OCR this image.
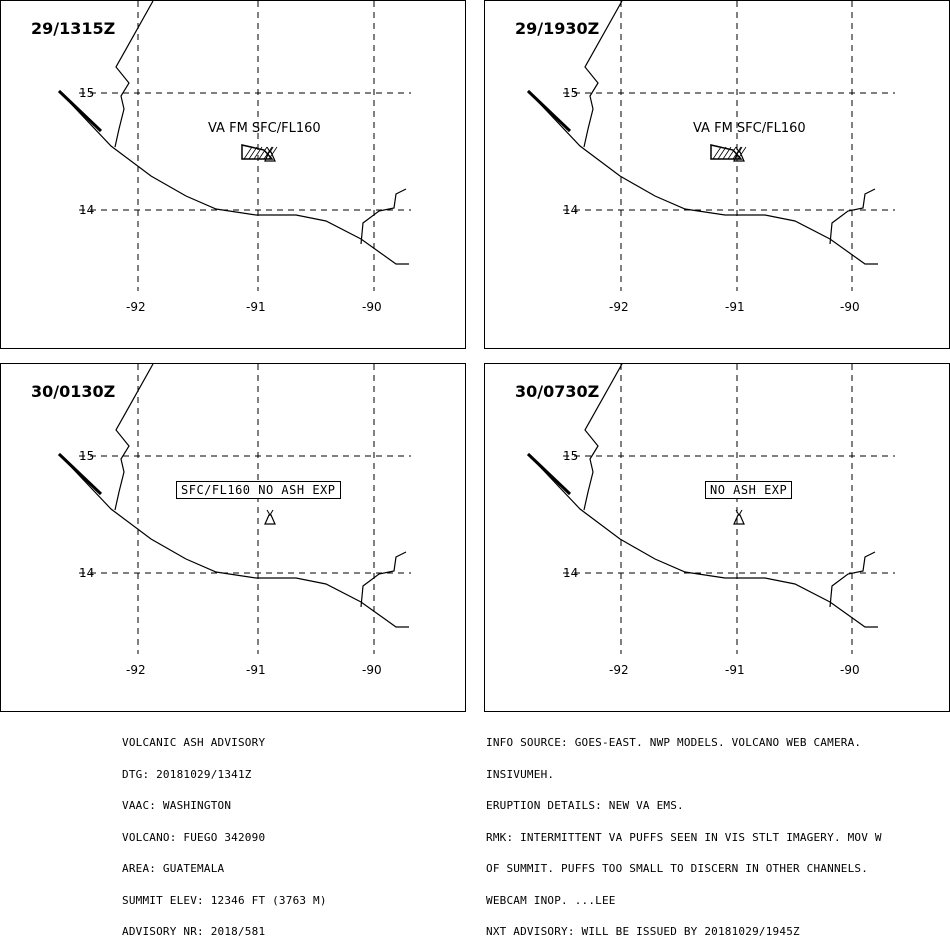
15
14
-92	-91	-90
29/1315Z
VA FM SFC/FL160
15
14
-92	-91	-90
29/1930Z
VA FM SFC/FL160
15
14
-92	-91	-90
30/0130Z
SFC/FL160 NO ASH EXP
15
14
-92	-91	-90
30/0730Z
NO ASH EXP

VOLCANIC ASH ADVISORY

DTG: 20181029/1341Z

VAAC: WASHINGTON

VOLCANO: FUEGO 342090

AREA: GUATEMALA

SUMMIT ELEV: 12346 FT (3763 M)

ADVISORY NR: 2018/581

INFO SOURCE: GOES-EAST. NWP MODELS. VOLCANO WEB CAMERA.

INSIVUMEH.

ERUPTION DETAILS: NEW VA EMS.

RMK: INTERMITTENT VA PUFFS SEEN IN VIS STLT IMAGERY. MOV W

OF SUMMIT. PUFFS TOO SMALL TO DISCERN IN OTHER CHANNELS.

WEBCAM INOP. ...LEE

NXT ADVISORY: WILL BE ISSUED BY 20181029/1945Z
